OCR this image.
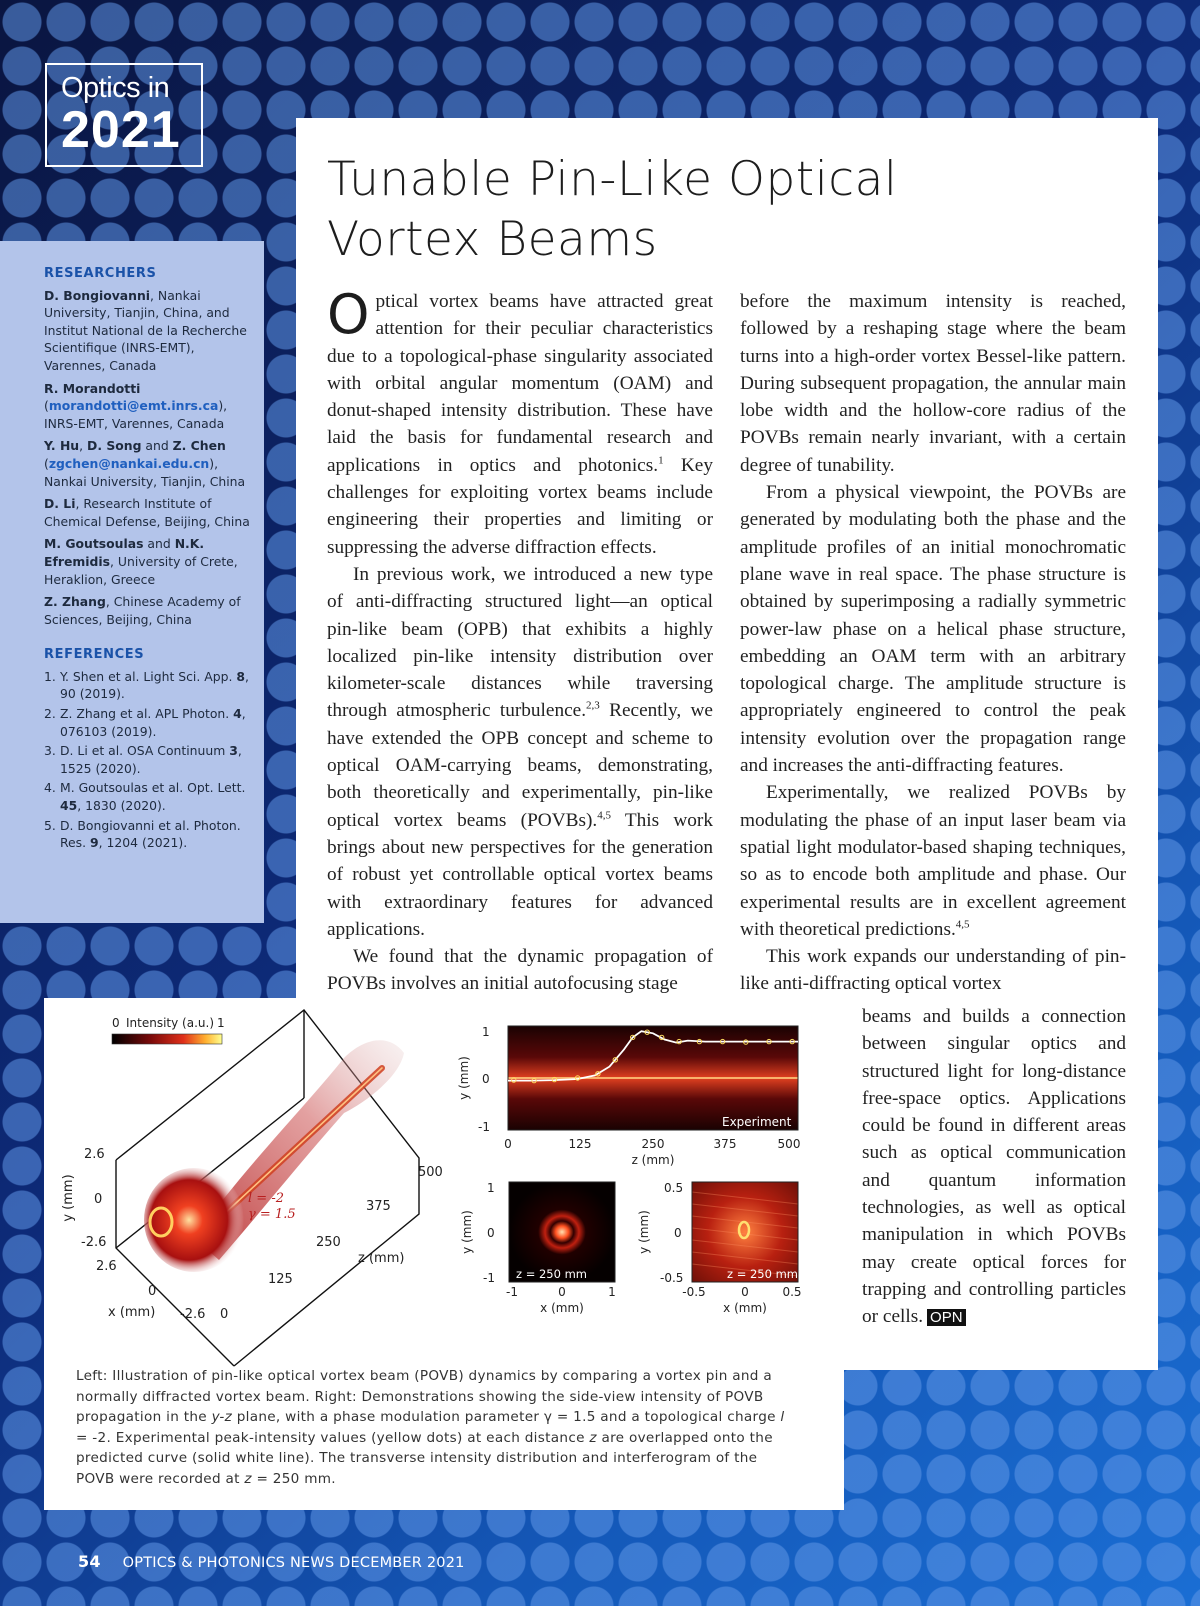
Optics in
2021
Tunable Pin-Like Optical
Vortex Beams

Optical vortex beams have attracted great attention for their peculiar characteristics due to a topological-phase singularity associated with orbital angular momentum (OAM) and donut-shaped intensity distribution. These have laid the basis for fundamental research and applications in optics and photonics.$^1$ Key challenges for exploiting vortex beams include engineering their properties and limiting or suppressing the adverse diffraction effects.

In previous work, we introduced a new type of anti-diffracting structured light—an optical pin-like beam (OPB) that exhibits a highly localized pin-like intensity distribution over kilometer-scale distances while traversing through atmospheric turbulence.$^{2,3}$ Recently, we have extended the OPB concept and scheme to optical OAM-carrying beams, demonstrating, both theoretically and experimentally, pin-like optical vortex beams (POVBs).$^{4,5}$ This work brings about new perspectives for the generation of robust yet controllable optical vortex beams with extraordinary features for advanced applications.

We found that the dynamic propagation of POVBs involves an initial autofocusing stage

before the maximum intensity is reached, followed by a reshaping stage where the beam turns into a high-order vortex Bessel-like pattern. During subsequent propagation, the annular main lobe width and the hollow-core radius of the POVBs remain nearly invariant, with a certain degree of tunability.

From a physical viewpoint, the POVBs are generated by modulating both the phase and the amplitude profiles of an initial monochromatic plane wave in real space. The phase structure is obtained by superimposing a radially symmetric power-law phase on a helical phase structure, embedding an OAM term with an arbitrary topological charge. The amplitude structure is appropriately engineered to control the peak intensity evolution over the propagation range and increases the anti-diffracting features.

Experimentally, we realized POVBs by modulating the phase of an input laser beam via spatial light modulator-based shaping techniques, so as to encode both amplitude and phase. Our experimental results are in excellent agreement with theoretical predictions.$^{4,5}$

This work expands our understanding of pin-like anti-diffracting optical vortex

beams and builds a connection between singular optics and structured light for long-distance free-space optics. Applications could be found in different areas such as optical communication and quantum information technologies, as well as optical manipulation in which POVBs may create optical forces for trapping and controlling particles or cells. OPN

RESEARCHERS
D. Bongiovanni, Nankai University, Tianjin, China, and Institut National de la Recherche Scientifique (INRS-EMT), Varennes, Canada
R. Morandotti (morandotti@emt.inrs.ca), INRS-EMT, Varennes, Canada
Y. Hu, D. Song and Z. Chen (zgchen@nankai.edu.cn), Nankai University, Tianjin, China
D. Li, Research Institute of Chemical Defense, Beijing, China
M. Goutsoulas and N.K. Efremidis, University of Crete, Heraklion, Greece
Z. Zhang, Chinese Academy of Sciences, Beijing, China
REFERENCES
1. Y. Shen et al. Light Sci. App. 8, 90 (2019).
2. Z. Zhang et al. APL Photon. 4, 076103 (2019).
3. D. Li et al. OSA Continuum 3, 1525 (2020).
4. M. Goutsoulas et al. Opt. Lett. 45, 1830 (2020).
5. D. Bongiovanni et al. Photon. Res. 9, 1204 (2021).
0 Intensity (a.u.) 1
l = -2
γ = 1.5
2.6
0
-2.6
y (mm)
2.6
0
-2.6
x (mm)	0
125
250
375
500
z (mm)
Experiment
1
0
-1
y (mm)
0	125	250	375	500
z (mm)
z = 250 mm
1
0
-1
y (mm)
-1	0	1
x (mm)
z = 250 mm
0.5
0
-0.5
y (mm)
-0.5	0	0.5
x (mm)
Left: Illustration of pin-like optical vortex beam (POVB) dynamics by comparing a vortex pin and a normally diffracted vortex beam. Right: Demonstrations showing the side-view intensity of POVB propagation in the y-z plane, with a phase modulation parameter γ = 1.5 and a topological charge l = -2. Experimental peak-intensity values (yellow dots) at each distance z are overlapped onto the predicted curve (solid white line). The transverse intensity distribution and interferogram of the POVB were recorded at z = 250 mm.
54 OPTICS & PHOTONICS NEWS DECEMBER 2021
